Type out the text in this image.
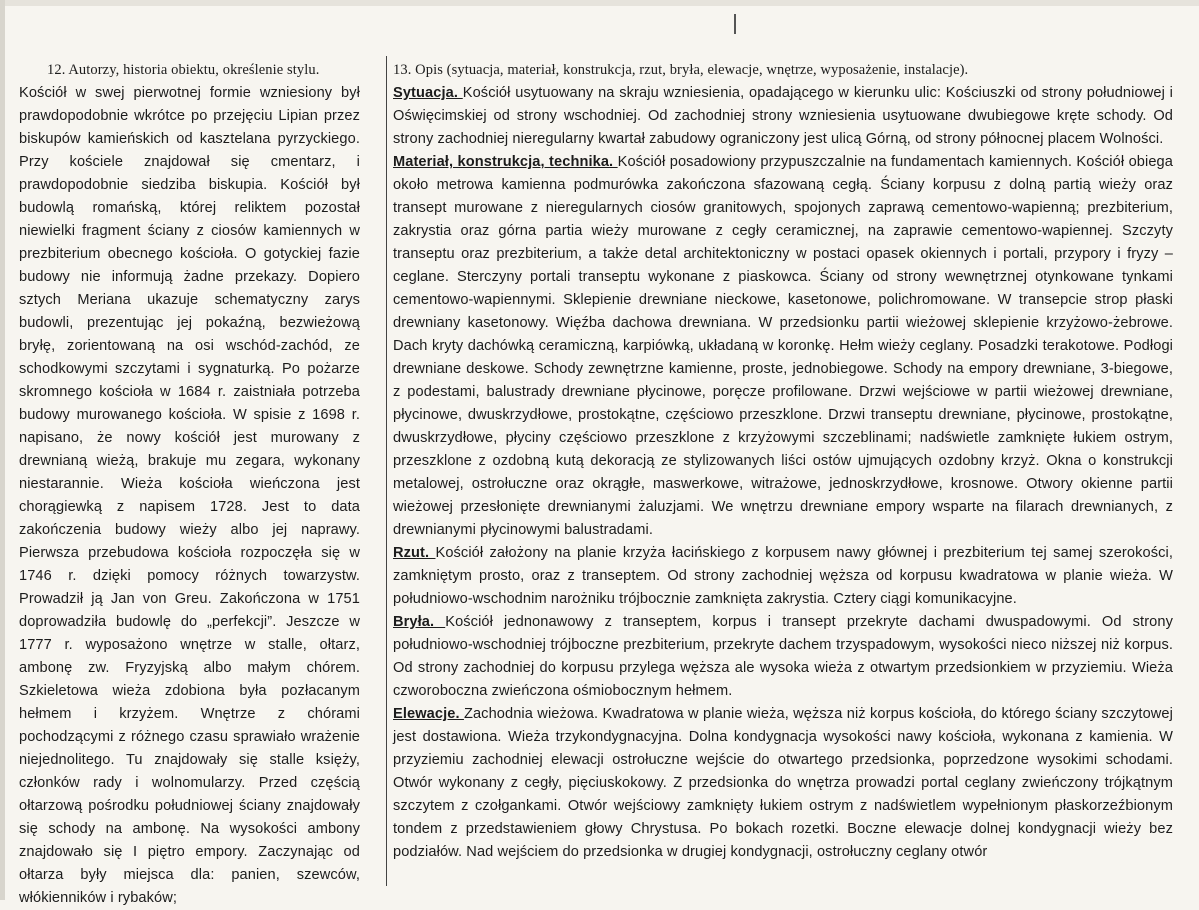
12. Autorzy, historia obiektu, określenie stylu.

Kościół w swej pierwotnej formie wzniesiony był prawdopodobnie wkrótce po przejęciu Lipian przez biskupów kamieńskich od kasztelana pyrzyckiego. Przy kościele znajdował się cmentarz, i prawdopodobnie siedziba biskupia. Kościół był budowlą romańską, której reliktem pozostał niewielki fragment ściany z ciosów kamiennych w prezbiterium obecnego kościoła. O gotyckiej fazie budowy nie informują żadne przekazy. Dopiero sztych Meriana ukazuje schematyczny zarys budowli, prezentując jej pokaźną, bezwieżową bryłę, zorientowaną na osi wschód-zachód, ze schodkowymi szczytami i sygnaturką. Po pożarze skromnego kościoła w 1684 r. zaistniała potrzeba budowy murowanego kościoła. W spisie z 1698 r. napisano, że nowy kościół jest murowany z drewnianą wieżą, brakuje mu zegara, wykonany niestarannie. Wieża kościoła wieńczona jest chorągiewką z napisem 1728. Jest to data zakończenia budowy wieży albo jej naprawy. Pierwsza przebudowa kościoła rozpoczęła się w 1746 r. dzięki pomocy różnych towarzystw. Prowadził ją Jan von Greu. Zakończona w 1751 doprowadziła budowlę do „perfekcji”. Jeszcze w 1777 r. wyposażono wnętrze w stalle, ołtarz, ambonę zw. Fryzyjską albo małym chórem. Szkieletowa wieża zdobiona była pozłacanym hełmem i krzyżem. Wnętrze z chórami pochodzącymi z różnego czasu sprawiało wrażenie niejednolitego. Tu znajdowały się stalle księży, członków rady i wolnomularzy. Przed częścią ołtarzową pośrodku południowej ściany znajdowały się schody na ambonę. Na wysokości ambony znajdowało się I piętro empory. Zaczynając od ołtarza były miejsca dla: panien, szewców, włókienników i rybaków;

13. Opis (sytuacja, materiał, konstrukcja, rzut, bryła, elewacje, wnętrze, wyposażenie, instalacje).

Sytuacja. Kościół usytuowany na skraju wzniesienia, opadającego w kierunku ulic: Kościuszki od strony południowej i Oświęcimskiej od strony wschodniej. Od zachodniej strony wzniesienia usytuowane dwubiegowe kręte schody. Od strony zachodniej nieregularny kwartał zabudowy ograniczony jest ulicą Górną, od strony północnej placem Wolności.

Materiał, konstrukcja, technika. Kościół posadowiony przypuszczalnie na fundamentach kamiennych. Kościół obiega około metrowa kamienna podmurówka zakończona sfazowaną cegłą. Ściany korpusu z dolną partią wieży oraz transept murowane z nieregularnych ciosów granitowych, spojonych zaprawą cementowo-wapienną; prezbiterium, zakrystia oraz górna partia wieży murowane z cegły ceramicznej, na zaprawie cementowo-wapiennej. Szczyty transeptu oraz prezbiterium, a także detal architektoniczny w postaci opasek okiennych i portali, przypory i fryzy – ceglane. Sterczyny portali transeptu wykonane z piaskowca. Ściany od strony wewnętrznej otynkowane tynkami cementowo-wapiennymi. Sklepienie drewniane nieckowe, kasetonowe, polichromowane. W transepcie strop płaski drewniany kasetonowy. Więźba dachowa drewniana. W przedsionku partii wieżowej sklepienie krzyżowo-żebrowe. Dach kryty dachówką ceramiczną, karpiówką, układaną w koronkę. Hełm wieży ceglany. Posadzki terakotowe. Podłogi drewniane deskowe. Schody zewnętrzne kamienne, proste, jednobiegowe. Schody na empory drewniane, 3-biegowe, z podestami, balustrady drewniane płycinowe, poręcze profilowane. Drzwi wejściowe w partii wieżowej drewniane, płycinowe, dwuskrzydłowe, prostokątne, częściowo przeszklone. Drzwi transeptu drewniane, płycinowe, prostokątne, dwuskrzydłowe, płyciny częściowo przeszklone z krzyżowymi szczeblinami; nadświetle zamknięte łukiem ostrym, przeszklone z ozdobną kutą dekoracją ze stylizowanych liści ostów ujmujących ozdobny krzyż. Okna o konstrukcji metalowej, ostrołuczne oraz okrągłe, maswerkowe, witrażowe, jednoskrzydłowe, krosnowe. Otwory okienne partii wieżowej przesłonięte drewnianymi żaluzjami. We wnętrzu drewniane empory wsparte na filarach drewnianych, z drewnianymi płycinowymi balustradami.

Rzut. Kościół założony na planie krzyża łacińskiego z korpusem nawy głównej i prezbiterium tej samej szerokości, zamkniętym prosto, oraz z transeptem. Od strony zachodniej węższa od korpusu kwadratowa w planie wieża. W południowo-wschodnim narożniku trójbocznie zamknięta zakrystia. Cztery ciągi komunikacyjne.

Bryła. Kościół jednonawowy z transeptem, korpus i transept przekryte dachami dwuspadowymi. Od strony południowo-wschodniej trójboczne prezbiterium, przekryte dachem trzyspadowym, wysokości nieco niższej niż korpus. Od strony zachodniej do korpusu przylega węższa ale wysoka wieża z otwartym przedsionkiem w przyziemiu. Wieża czworoboczna zwieńczona ośmiobocznym hełmem.

Elewacje. Zachodnia wieżowa. Kwadratowa w planie wieża, węższa niż korpus kościoła, do którego ściany szczytowej jest dostawiona. Wieża trzykondygnacyjna. Dolna kondygnacja wysokości nawy kościoła, wykonana z kamienia. W przyziemiu zachodniej elewacji ostrołuczne wejście do otwartego przedsionka, poprzedzone wysokimi schodami. Otwór wykonany z cegły, pięciuskokowy. Z przedsionka do wnętrza prowadzi portal ceglany zwieńczony trójkątnym szczytem z czołgankami. Otwór wejściowy zamknięty łukiem ostrym z nadświetlem wypełnionym płaskorzeźbionym tondem z przedstawieniem głowy Chrystusa. Po bokach rozetki. Boczne elewacje dolnej kondygnacji wieży bez podziałów. Nad wejściem do przedsionka w drugiej kondygnacji, ostrołuczny ceglany otwór
